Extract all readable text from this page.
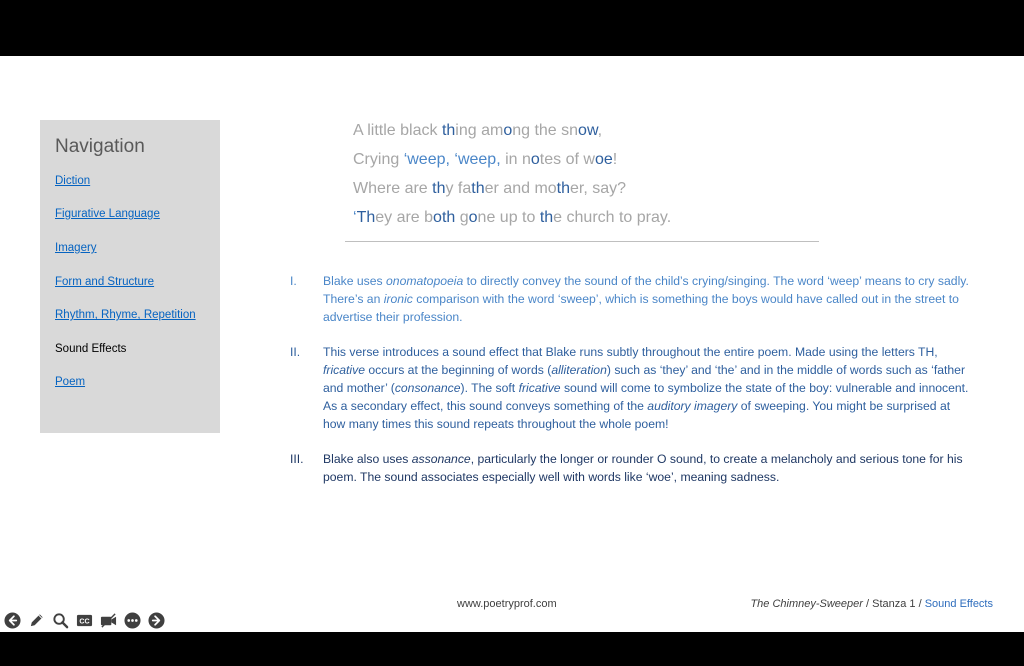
Navigation
Diction
Figurative Language
Imagery
Form and Structure
Rhythm, Rhyme, Repetition
Sound Effects
Poem
A little black thing among the snow,
Crying ‘weep, ‘weep, in notes of woe!
Where are thy father and mother, say?
‘They are both gone up to the church to pray.
I. Blake uses onomatopoeia to directly convey the sound of the child’s crying/singing. The word ‘weep’ means to cry sadly. There’s an ironic comparison with the word ‘sweep’, which is something the boys would have called out in the street to advertise their profession.
II. This verse introduces a sound effect that Blake runs subtly throughout the entire poem. Made using the letters TH, fricative occurs at the beginning of words (alliteration) such as ‘they’ and ‘the’ and in the middle of words such as ‘father and mother’ (consonance). The soft fricative sound will come to symbolize the state of the boy: vulnerable and innocent. As a secondary effect, this sound conveys something of the auditory imagery of sweeping. You might be surprised at how many times this sound repeats throughout the whole poem!
III. Blake also uses assonance, particularly the longer or rounder O sound, to create a melancholy and serious tone for his poem. The sound associates especially well with words like ‘woe’, meaning sadness.
www.poetryprof.com	The Chimney-Sweeper / Stanza 1 / Sound Effects
CC
